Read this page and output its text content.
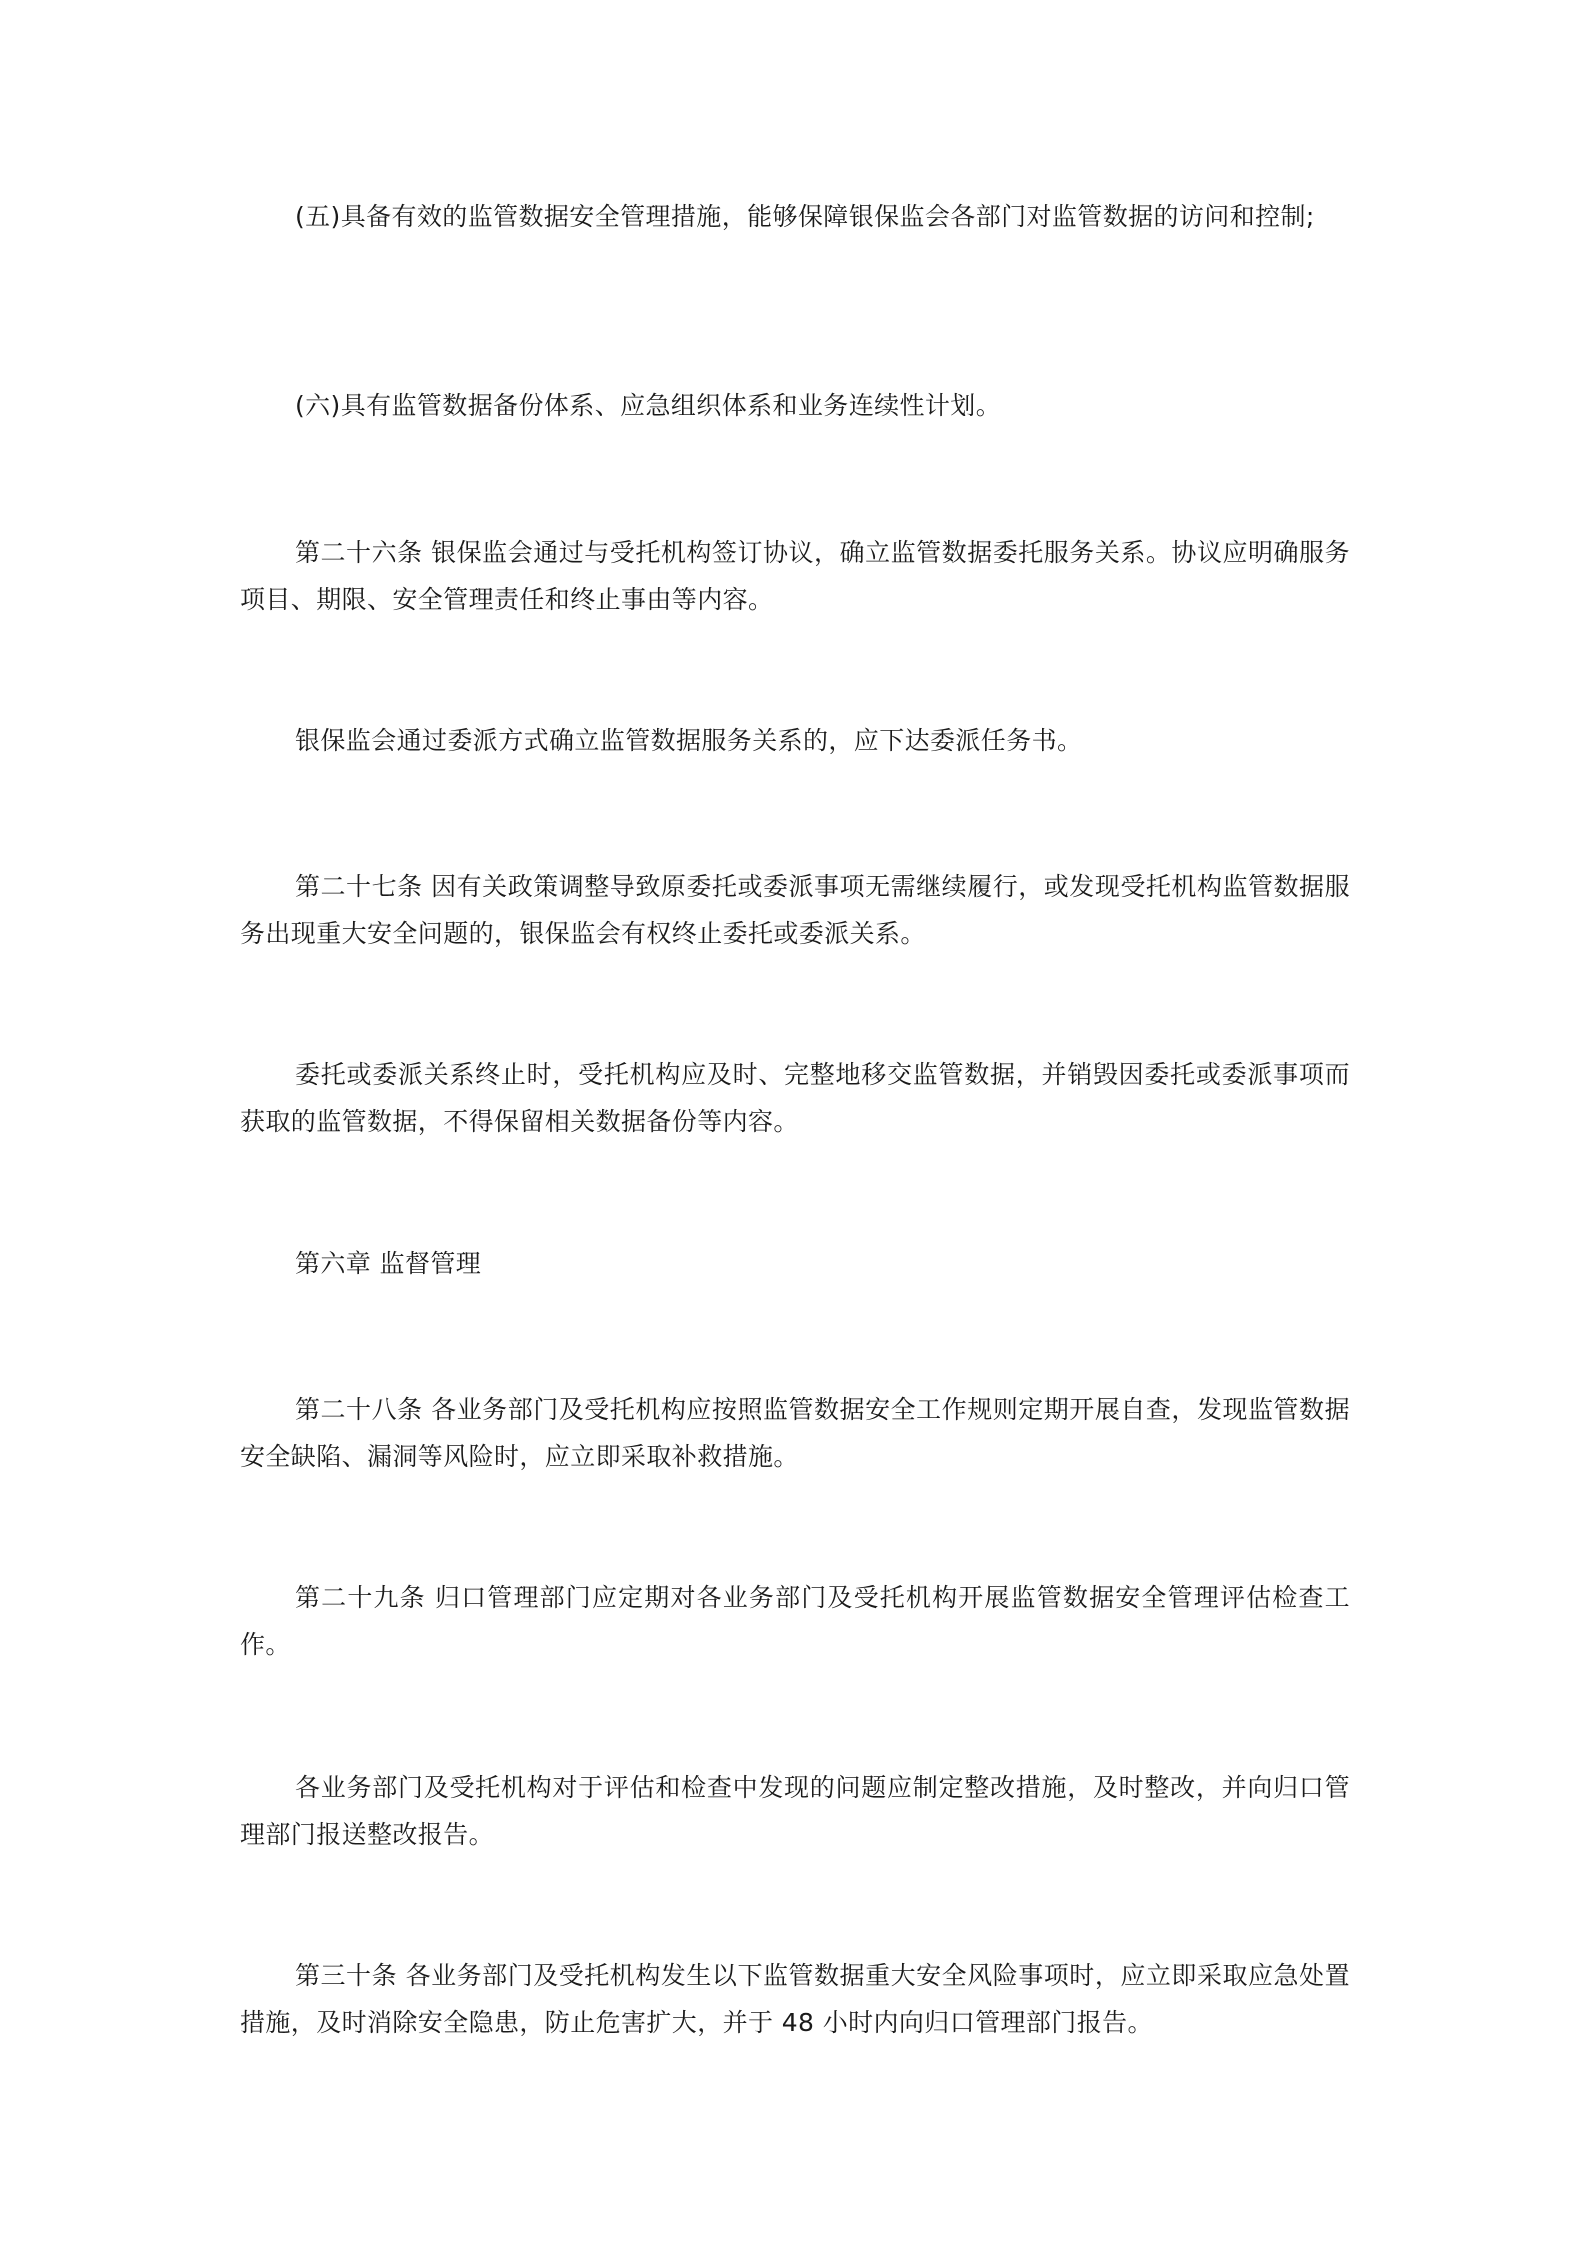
(五)具备有效的监管数据安全管理措施，能够保障银保监会各部门对监管数据的访问和控制;

(六)具有监管数据备份体系、应急组织体系和业务连续性计划。

第二十六条 银保监会通过与受托机构签订协议，确立监管数据委托服务关系。协议应明确服务项目、期限、安全管理责任和终止事由等内容。

银保监会通过委派方式确立监管数据服务关系的，应下达委派任务书。

第二十七条 因有关政策调整导致原委托或委派事项无需继续履行，或发现受托机构监管数据服务出现重大安全问题的，银保监会有权终止委托或委派关系。

委托或委派关系终止时，受托机构应及时、完整地移交监管数据，并销毁因委托或委派事项而获取的监管数据，不得保留相关数据备份等内容。

第六章 监督管理

第二十八条 各业务部门及受托机构应按照监管数据安全工作规则定期开展自查，发现监管数据安全缺陷、漏洞等风险时，应立即采取补救措施。

第二十九条 归口管理部门应定期对各业务部门及受托机构开展监管数据安全管理评估检查工作。

各业务部门及受托机构对于评估和检查中发现的问题应制定整改措施，及时整改，并向归口管理部门报送整改报告。

第三十条 各业务部门及受托机构发生以下监管数据重大安全风险事项时，应立即采取应急处置措施，及时消除安全隐患，防止危害扩大，并于 48 小时内向归口管理部门报告。
